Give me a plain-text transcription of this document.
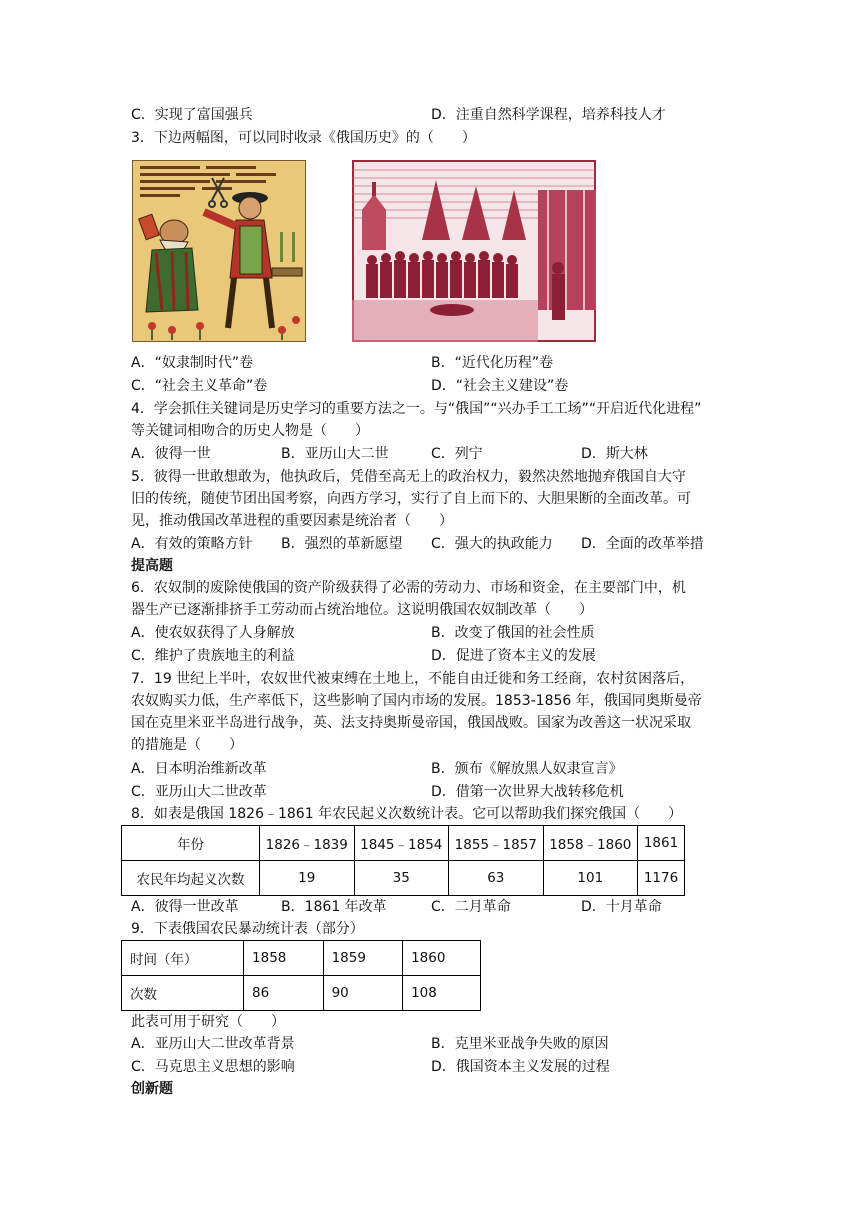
C．实现了富国强兵	D．注重自然科学课程，培养科技人才
3．下边两幅图，可以同时收录《俄国历史》的（　　）
A．“奴隶制时代”卷	B．“近代化历程”卷
C．“社会主义革命”卷	D．“社会主义建设”卷
4．学会抓住关键词是历史学习的重要方法之一。与“俄国”“兴办手工工场”“开启近代化进程”
等关键词相吻合的历史人物是（　　）
A．彼得一世	B．亚历山大二世	C．列宁	D．斯大林
5．彼得一世敢想敢为，他执政后，凭借至高无上的政治权力，毅然决然地抛弃俄国自大守
旧的传统，随使节团出国考察，向西方学习，实行了自上而下的、大胆果断的全面改革。可
见，推动俄国改革进程的重要因素是统治者（　　）
A．有效的策略方针 B．强烈的革新愿望 C．强大的执政能力 D．全面的改革举措
提高题
6．农奴制的废除使俄国的资产阶级获得了必需的劳动力、市场和资金，在主要部门中，机
器生产已逐渐排挤手工劳动而占统治地位。这说明俄国农奴制改革（　　）
A．使农奴获得了人身解放	B．改变了俄国的社会性质
C．维护了贵族地主的利益	D．促进了资本主义的发展
7．19 世纪上半叶，农奴世代被束缚在土地上，不能自由迁徙和务工经商，农村贫困落后，
农奴购买力低，生产率低下，这些影响了国内市场的发展。1853-1856 年，俄国同奥斯曼帝
国在克里米亚半岛进行战争，英、法支持奥斯曼帝国，俄国战败。国家为改善这一状况采取
的措施是（　　）
A．日本明治维新改革	B．颁布《解放黑人奴隶宣言》
C．亚历山大二世改革	D．借第一次世界大战转移危机
8．如表是俄国 1826﹣1861 年农民起义次数统计表。它可以帮助我们探究俄国（　　）
年份	1826﹣1839	1845﹣1854	1855﹣1857	1858﹣1860	1861
农民年均起义次数	19	35	63	101	1176
A．彼得一世改革	B．1861 年改革	C．二月革命	D．十月革命
9．下表俄国农民暴动统计表（部分）
时间（年）	1858	1859	1860
次数	86	90	108
此表可用于研究（　　）
A．亚历山大二世改革背景	B．克里米亚战争失败的原因
C．马克思主义思想的影响	D．俄国资本主义发展的过程
创新题
